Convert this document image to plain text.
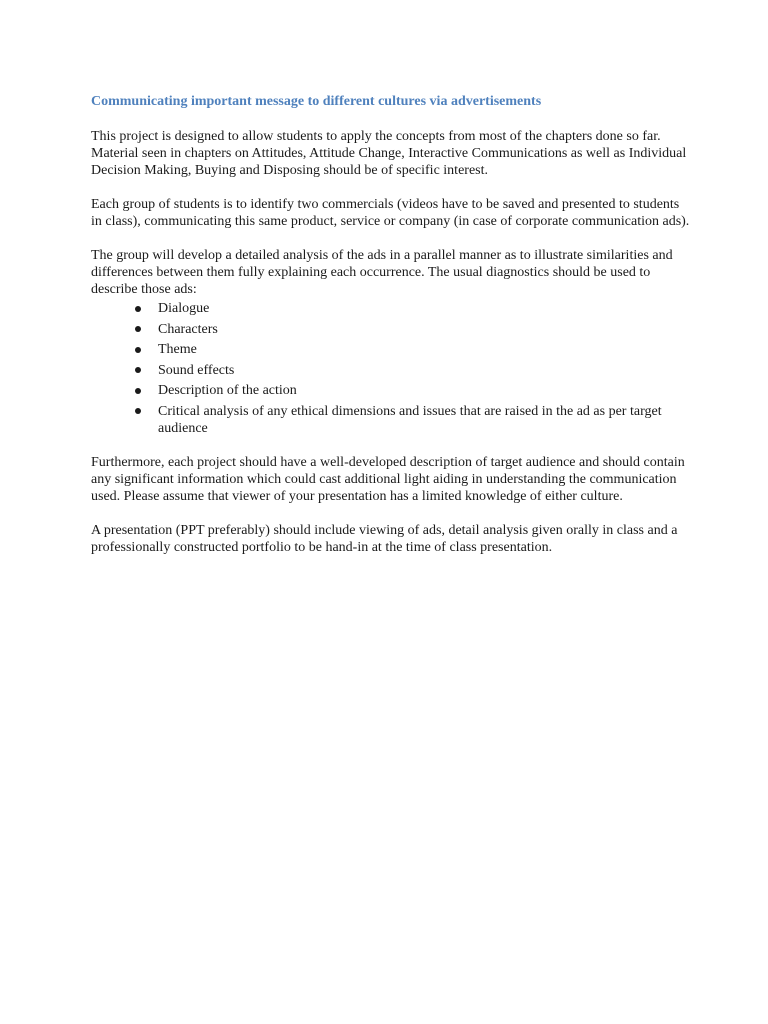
Communicating important message to different cultures via advertisements

This project is designed to allow students to apply the concepts from most of the chapters done so far. Material seen in chapters on Attitudes, Attitude Change, Interactive Communications as well as Individual Decision Making, Buying and Disposing should be of specific interest.

Each group of students is to identify two commercials (videos have to be saved and presented to students in class), communicating this same product, service or company (in case of corporate communication ads).

The group will develop a detailed analysis of the ads in a parallel manner as to illustrate similarities and differences between them fully explaining each occurrence. The usual diagnostics should be used to describe those ads:

Dialogue
Characters
Theme
Sound effects
Description of the action
Critical analysis of any ethical dimensions and issues that are raised in the ad as per target audience

Furthermore, each project should have a well-developed description of target audience and should contain any significant information which could cast additional light aiding in understanding the communication used. Please assume that viewer of your presentation has a limited knowledge of either culture.

A presentation (PPT preferably) should include viewing of ads, detail analysis given orally in class and a professionally constructed portfolio to be hand-in at the time of class presentation.
